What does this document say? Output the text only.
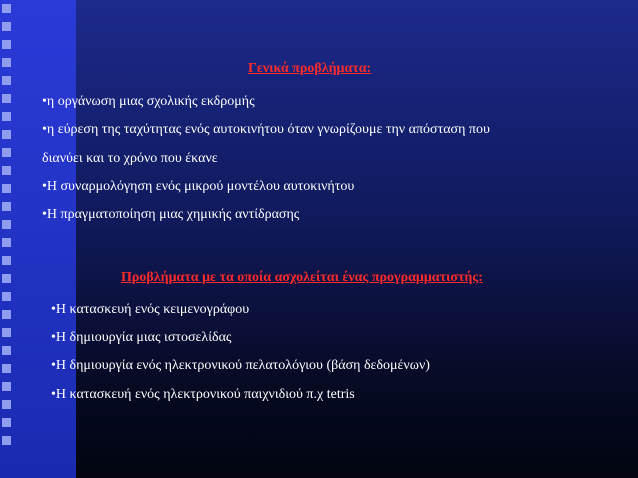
Γενικά προβλήματα:
•η οργάνωση μιας σχολικής εκδρομής
•η εύρεση της ταχύτητας ενός αυτοκινήτου όταν γνωρίζουμε την απόσταση που
διανύει και το χρόνο που έκανε
•Η συναρμολόγηση ενός μικρού μοντέλου αυτοκινήτου
•Η πραγματοποίηση μιας χημικής αντίδρασης
Προβλήματα με τα οποία ασχολείται ένας προγραμματιστής:
•Η κατασκευή ενός κειμενογράφου
•Η δημιουργία μιας ιστοσελίδας
•Η δημιουργία ενός ηλεκτρονικού πελατολόγιου (βάση δεδομένων)
•Η κατασκευή ενός ηλεκτρονικού παιχνιδιού π.χ tetris
